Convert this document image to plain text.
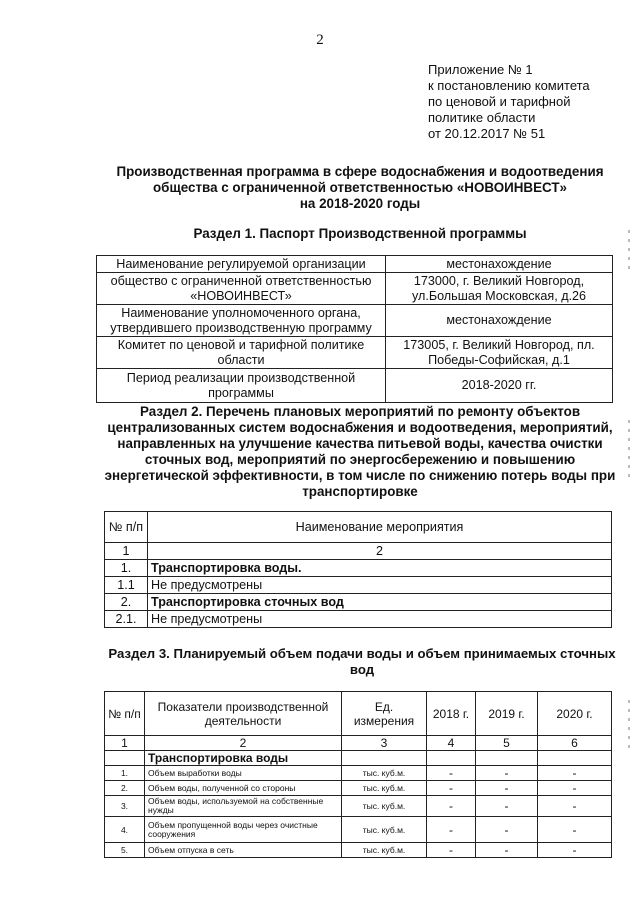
2
Приложение № 1
к постановлению комитета
по ценовой и тарифной
политике области
от 20.12.2017 № 51
Производственная программа в сфере водоснабжения и водоотведения
общества с ограниченной ответственностью «НОВОИНВЕСТ»
на 2018-2020 годы
Раздел 1. Паспорт Производственной программы
Наименование регулируемой организации	местонахождение
общество с ограниченной ответственностью «НОВОИНВЕСТ»	173000, г. Великий Новгород, ул.Большая Московская, д.26
Наименование уполномоченного органа, утвердившего производственную программу	местонахождение
Комитет по ценовой и тарифной политике области	173005, г. Великий Новгород, пл. Победы-Софийская, д.1
Период реализации производственной программы	2018-2020 гг.
Раздел 2. Перечень плановых мероприятий по ремонту объектов централизованных систем водоснабжения и водоотведения, мероприятий, направленных на улучшение качества питьевой воды, качества очистки сточных вод, мероприятий по энергосбережению и повышению энергетической эффективности, в том числе по снижению потерь воды при транспортировке
№ п/п	Наименование мероприятия
1	2
1.	Транспортировка воды.
1.1	Не предусмотрены
2.	Транспортировка сточных вод
2.1.	Не предусмотрены
Раздел 3. Планируемый объем подачи воды и объем принимаемых сточных вод
№ п/п	Показатели производственной деятельности	Ед. измерения	2018 г.	2019 г.	2020 г.
1	2	3	4	5	6
	Транспортировка воды				
1.	Объем выработки воды	тыс. куб.м.	-	-	-
2.	Объем воды, полученной со стороны	тыс. куб.м.	-	-	-
3.	Объем воды, используемой на собственные нужды	тыс. куб.м.	-	-	-
4.	Объем пропущенной воды через очистные сооружения	тыс. куб.м.	-	-	-
5.	Объем отпуска в сеть	тыс. куб.м.	-	-	-
